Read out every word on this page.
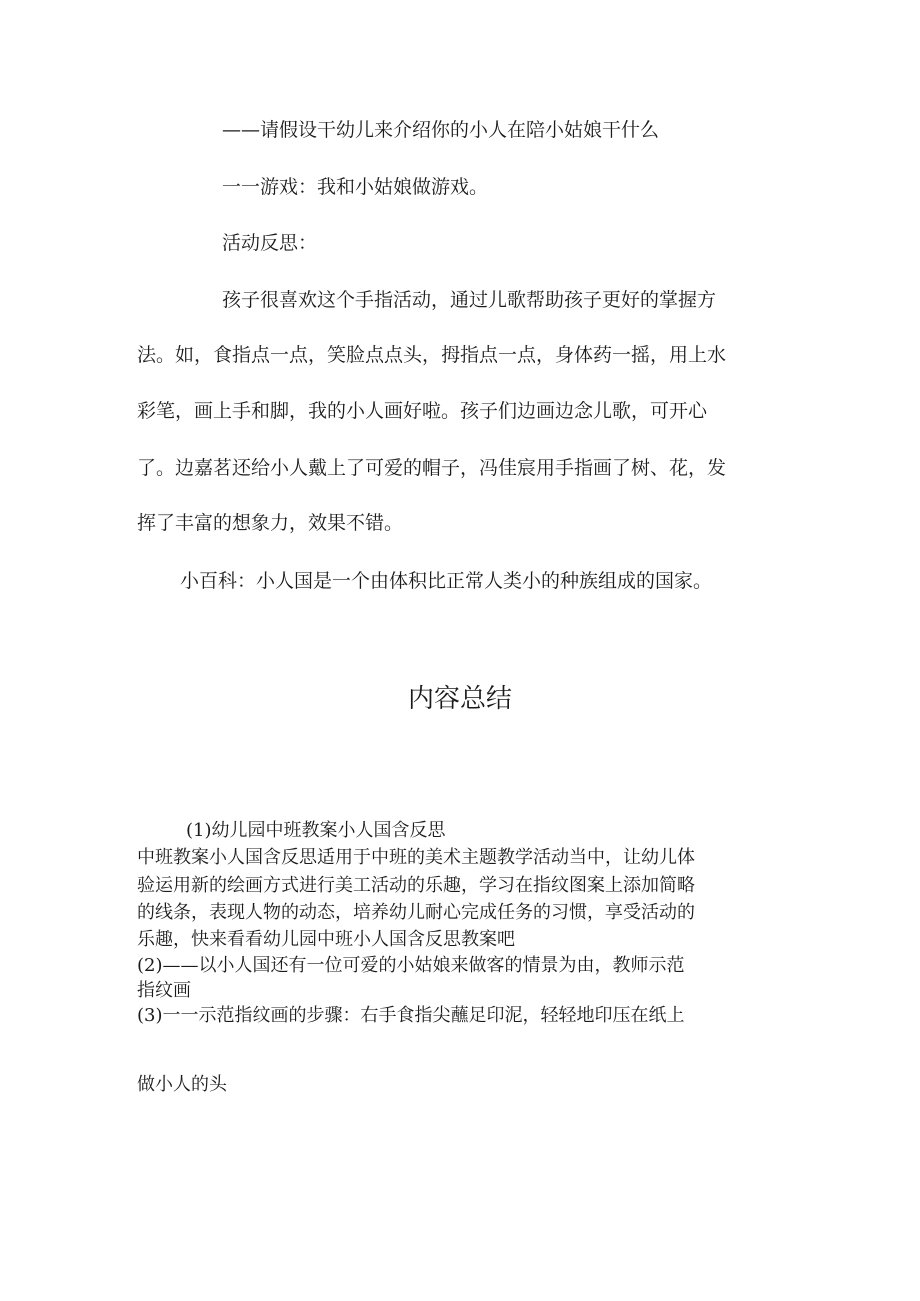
——请假设干幼儿来介绍你的小人在陪小姑娘干什么
一一游戏：我和小姑娘做游戏。
活动反思：
孩子很喜欢这个手指活动，通过儿歌帮助孩子更好的掌握方
法。如，食指点一点，笑脸点点头，拇指点一点，身体药一摇，用上水
彩笔，画上手和脚，我的小人画好啦。孩子们边画边念儿歌，可开心
了。边嘉茗还给小人戴上了可爱的帽子，冯佳宸用手指画了树、花，发
挥了丰富的想象力，效果不错。
小百科：小人国是一个由体积比正常人类小的种族组成的国家。
内容总结
(1)幼儿园中班教案小人国含反思
中班教案小人国含反思适用于中班的美术主题教学活动当中，让幼儿体
验运用新的绘画方式进行美工活动的乐趣，学习在指纹图案上添加简略
的线条，表现人物的动态，培养幼儿耐心完成任务的习惯，享受活动的
乐趣，快来看看幼儿园中班小人国含反思教案吧
(2)——以小人国还有一位可爱的小姑娘来做客的情景为由，教师示范
指纹画
(3)一一示范指纹画的步骤：右手食指尖蘸足印泥，轻轻地印压在纸上
做小人的头
